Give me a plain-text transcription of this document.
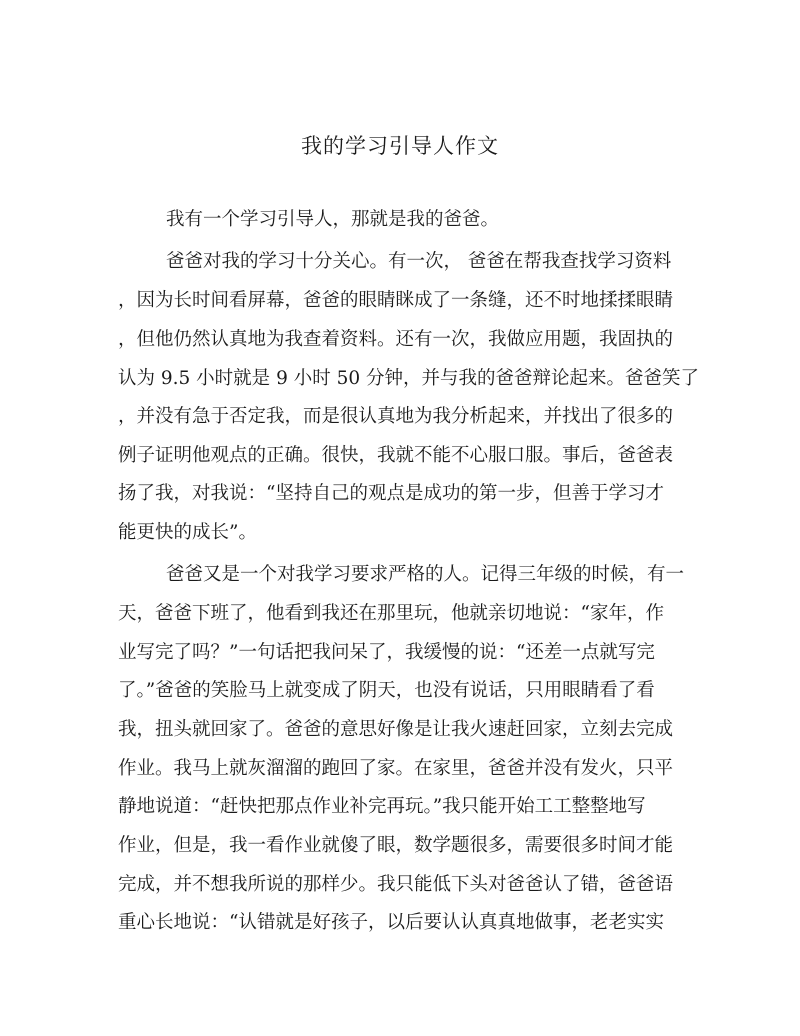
我的学习引导人作文
我有一个学习引导人，那就是我的爸爸。
爸爸对我的学习十分关心。有一次， 爸爸在帮我查找学习资料
，因为长时间看屏幕，爸爸的眼睛眯成了一条缝，还不时地揉揉眼睛
，但他仍然认真地为我查着资料。还有一次，我做应用题，我固执的
认为 9.5 小时就是 9 小时 50 分钟，并与我的爸爸辩论起来。爸爸笑了
，并没有急于否定我，而是很认真地为我分析起来，并找出了很多的
例子证明他观点的正确。很快，我就不能不心服口服。事后，爸爸表
扬了我，对我说：“坚持自己的观点是成功的第一步，但善于学习才
能更快的成长”。
爸爸又是一个对我学习要求严格的人。记得三年级的时候，有一
天，爸爸下班了，他看到我还在那里玩，他就亲切地说：“家年，作
业写完了吗？”一句话把我问呆了，我缓慢的说：“还差一点就写完
了。”爸爸的笑脸马上就变成了阴天，也没有说话，只用眼睛看了看
我，扭头就回家了。爸爸的意思好像是让我火速赶回家，立刻去完成
作业。我马上就灰溜溜的跑回了家。在家里，爸爸并没有发火，只平
静地说道：“赶快把那点作业补完再玩。”我只能开始工工整整地写
作业，但是，我一看作业就傻了眼，数学题很多，需要很多时间才能
完成，并不想我所说的那样少。我只能低下头对爸爸认了错，爸爸语
重心长地说：“认错就是好孩子，以后要认认真真地做事，老老实实
